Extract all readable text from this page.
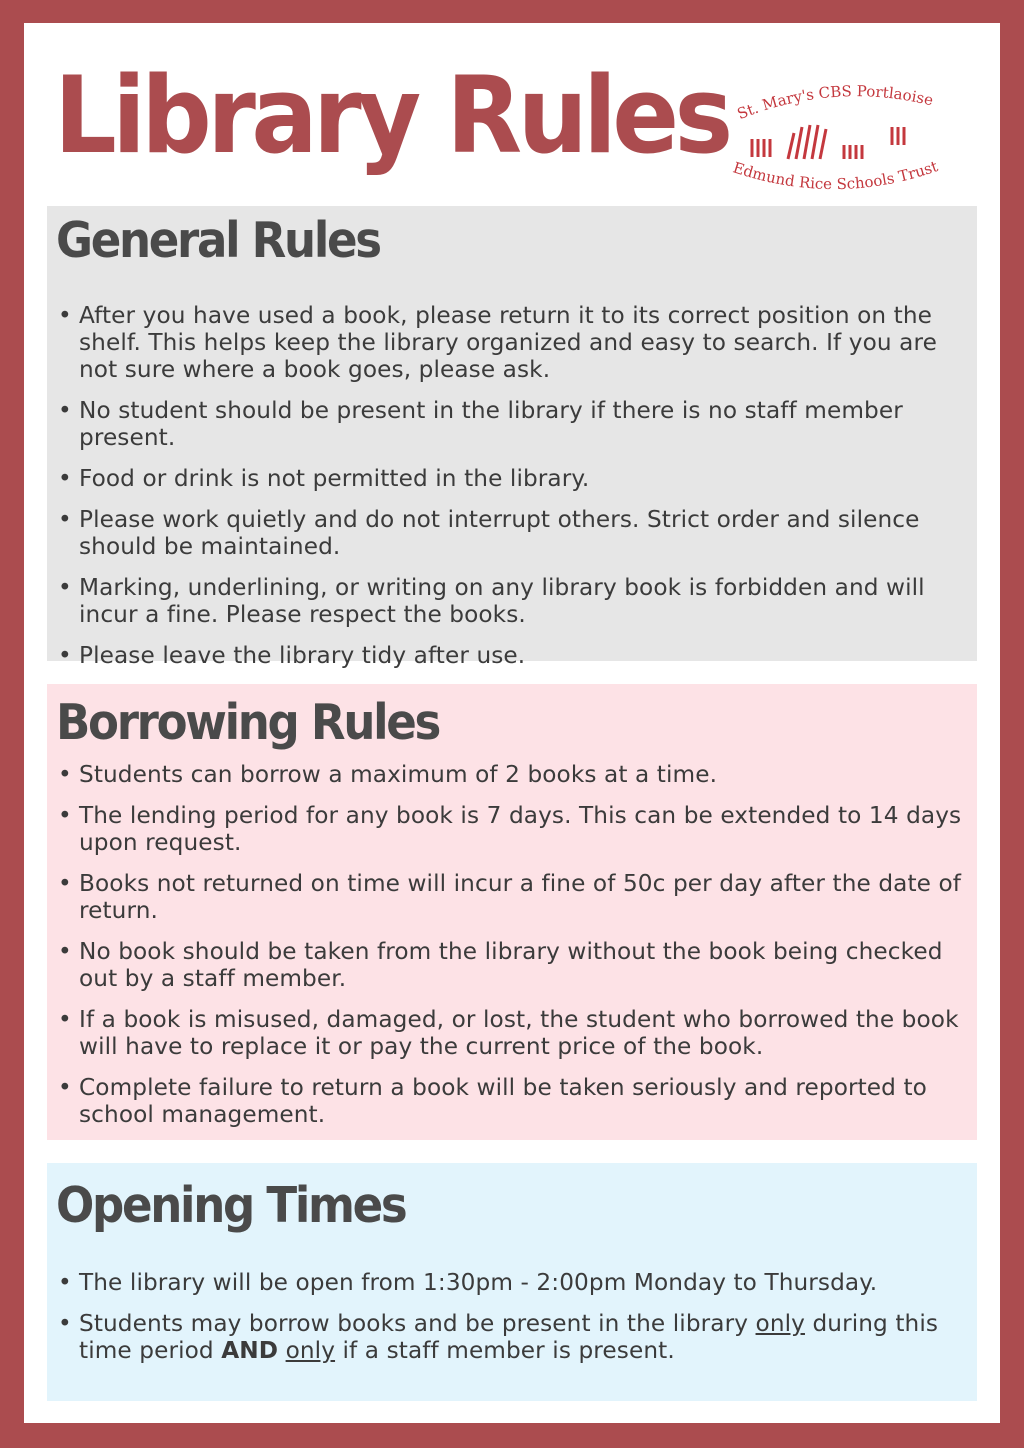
Library Rules St. Mary's CBS Portlaoise
Edmund Rice Schools Trust
General Rules
• After you have used a book, please return it to its correct position on the shelf. This helps keep the library organized and easy to search. If you are not sure where a book goes, please ask.
• No student should be present in the library if there is no staff member present.
• Food or drink is not permitted in the library.
• Please work quietly and do not interrupt others. Strict order and silence should be maintained.
• Marking, underlining, or writing on any library book is forbidden and will incur a fine. Please respect the books.
• Please leave the library tidy after use.
Borrowing Rules
• Students can borrow a maximum of 2 books at a time.
• The lending period for any book is 7 days. This can be extended to 14 days upon request.
• Books not returned on time will incur a fine of 50c per day after the date of return.
• No book should be taken from the library without the book being checked out by a staff member.
• If a book is misused, damaged, or lost, the student who borrowed the book will have to replace it or pay the current price of the book.
• Complete failure to return a book will be taken seriously and reported to school management.
Opening Times
• The library will be open from 1:30pm - 2:00pm Monday to Thursday.
• Students may borrow books and be present in the library only during this time period AND only if a staff member is present.
